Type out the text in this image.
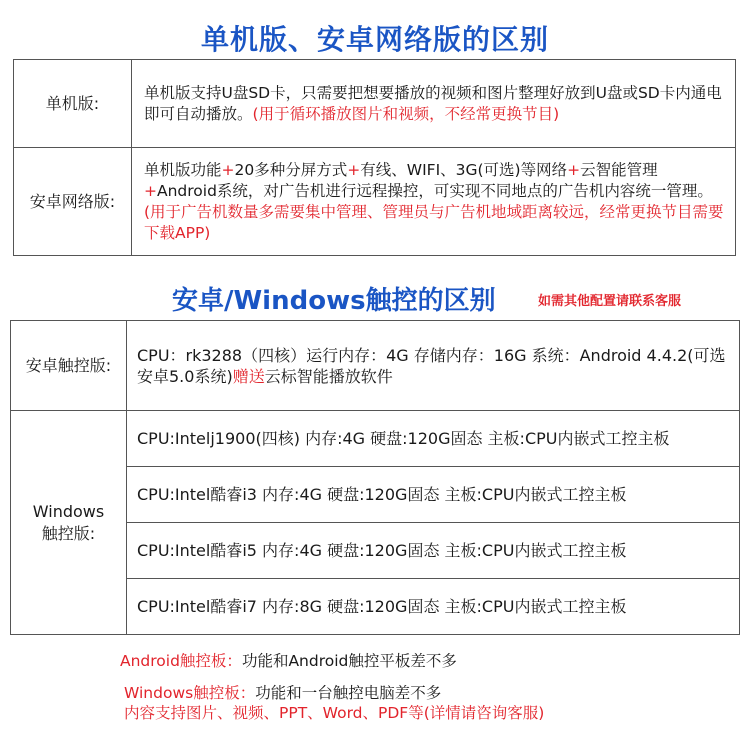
单机版、安卓网络版的区别
单机版:	单机版支持U盘SD卡，只需要把想要播放的视频和图片整理好放到U盘或SD卡内通电即可自动播放。(用于循环播放图片和视频，不经常更换节目)
安卓网络版:	单机版功能+20多种分屏方式+有线、WIFI、3G(可选)等网络+云智能管理
+Android系统，对广告机进行远程操控，可实现不同地点的广告机内容统一管理。(用于广告机数量多需要集中管理、管理员与广告机地域距离较远，经常更换节目需要下载APP)
安卓/Windows触控的区别	如需其他配置请联系客服
安卓触控版:	CPU：rk3288（四核）运行内存：4G 存储内存：16G 系统：Android 4.4.2(可选安卓5.0系统)赠送云标智能播放软件
Windows
触控版:	CPU:Intelj1900(四核) 内存:4G 硬盘:120G固态 主板:CPU内嵌式工控主板
	CPU:Intel酷睿i3 内存:4G 硬盘:120G固态 主板:CPU内嵌式工控主板
	CPU:Intel酷睿i5 内存:4G 硬盘:120G固态 主板:CPU内嵌式工控主板
	CPU:Intel酷睿i7 内存:8G 硬盘:120G固态 主板:CPU内嵌式工控主板
Android触控板：功能和Android触控平板差不多
Windows触控板：功能和一台触控电脑差不多
内容支持图片、视频、PPT、Word、PDF等(详情请咨询客服)
